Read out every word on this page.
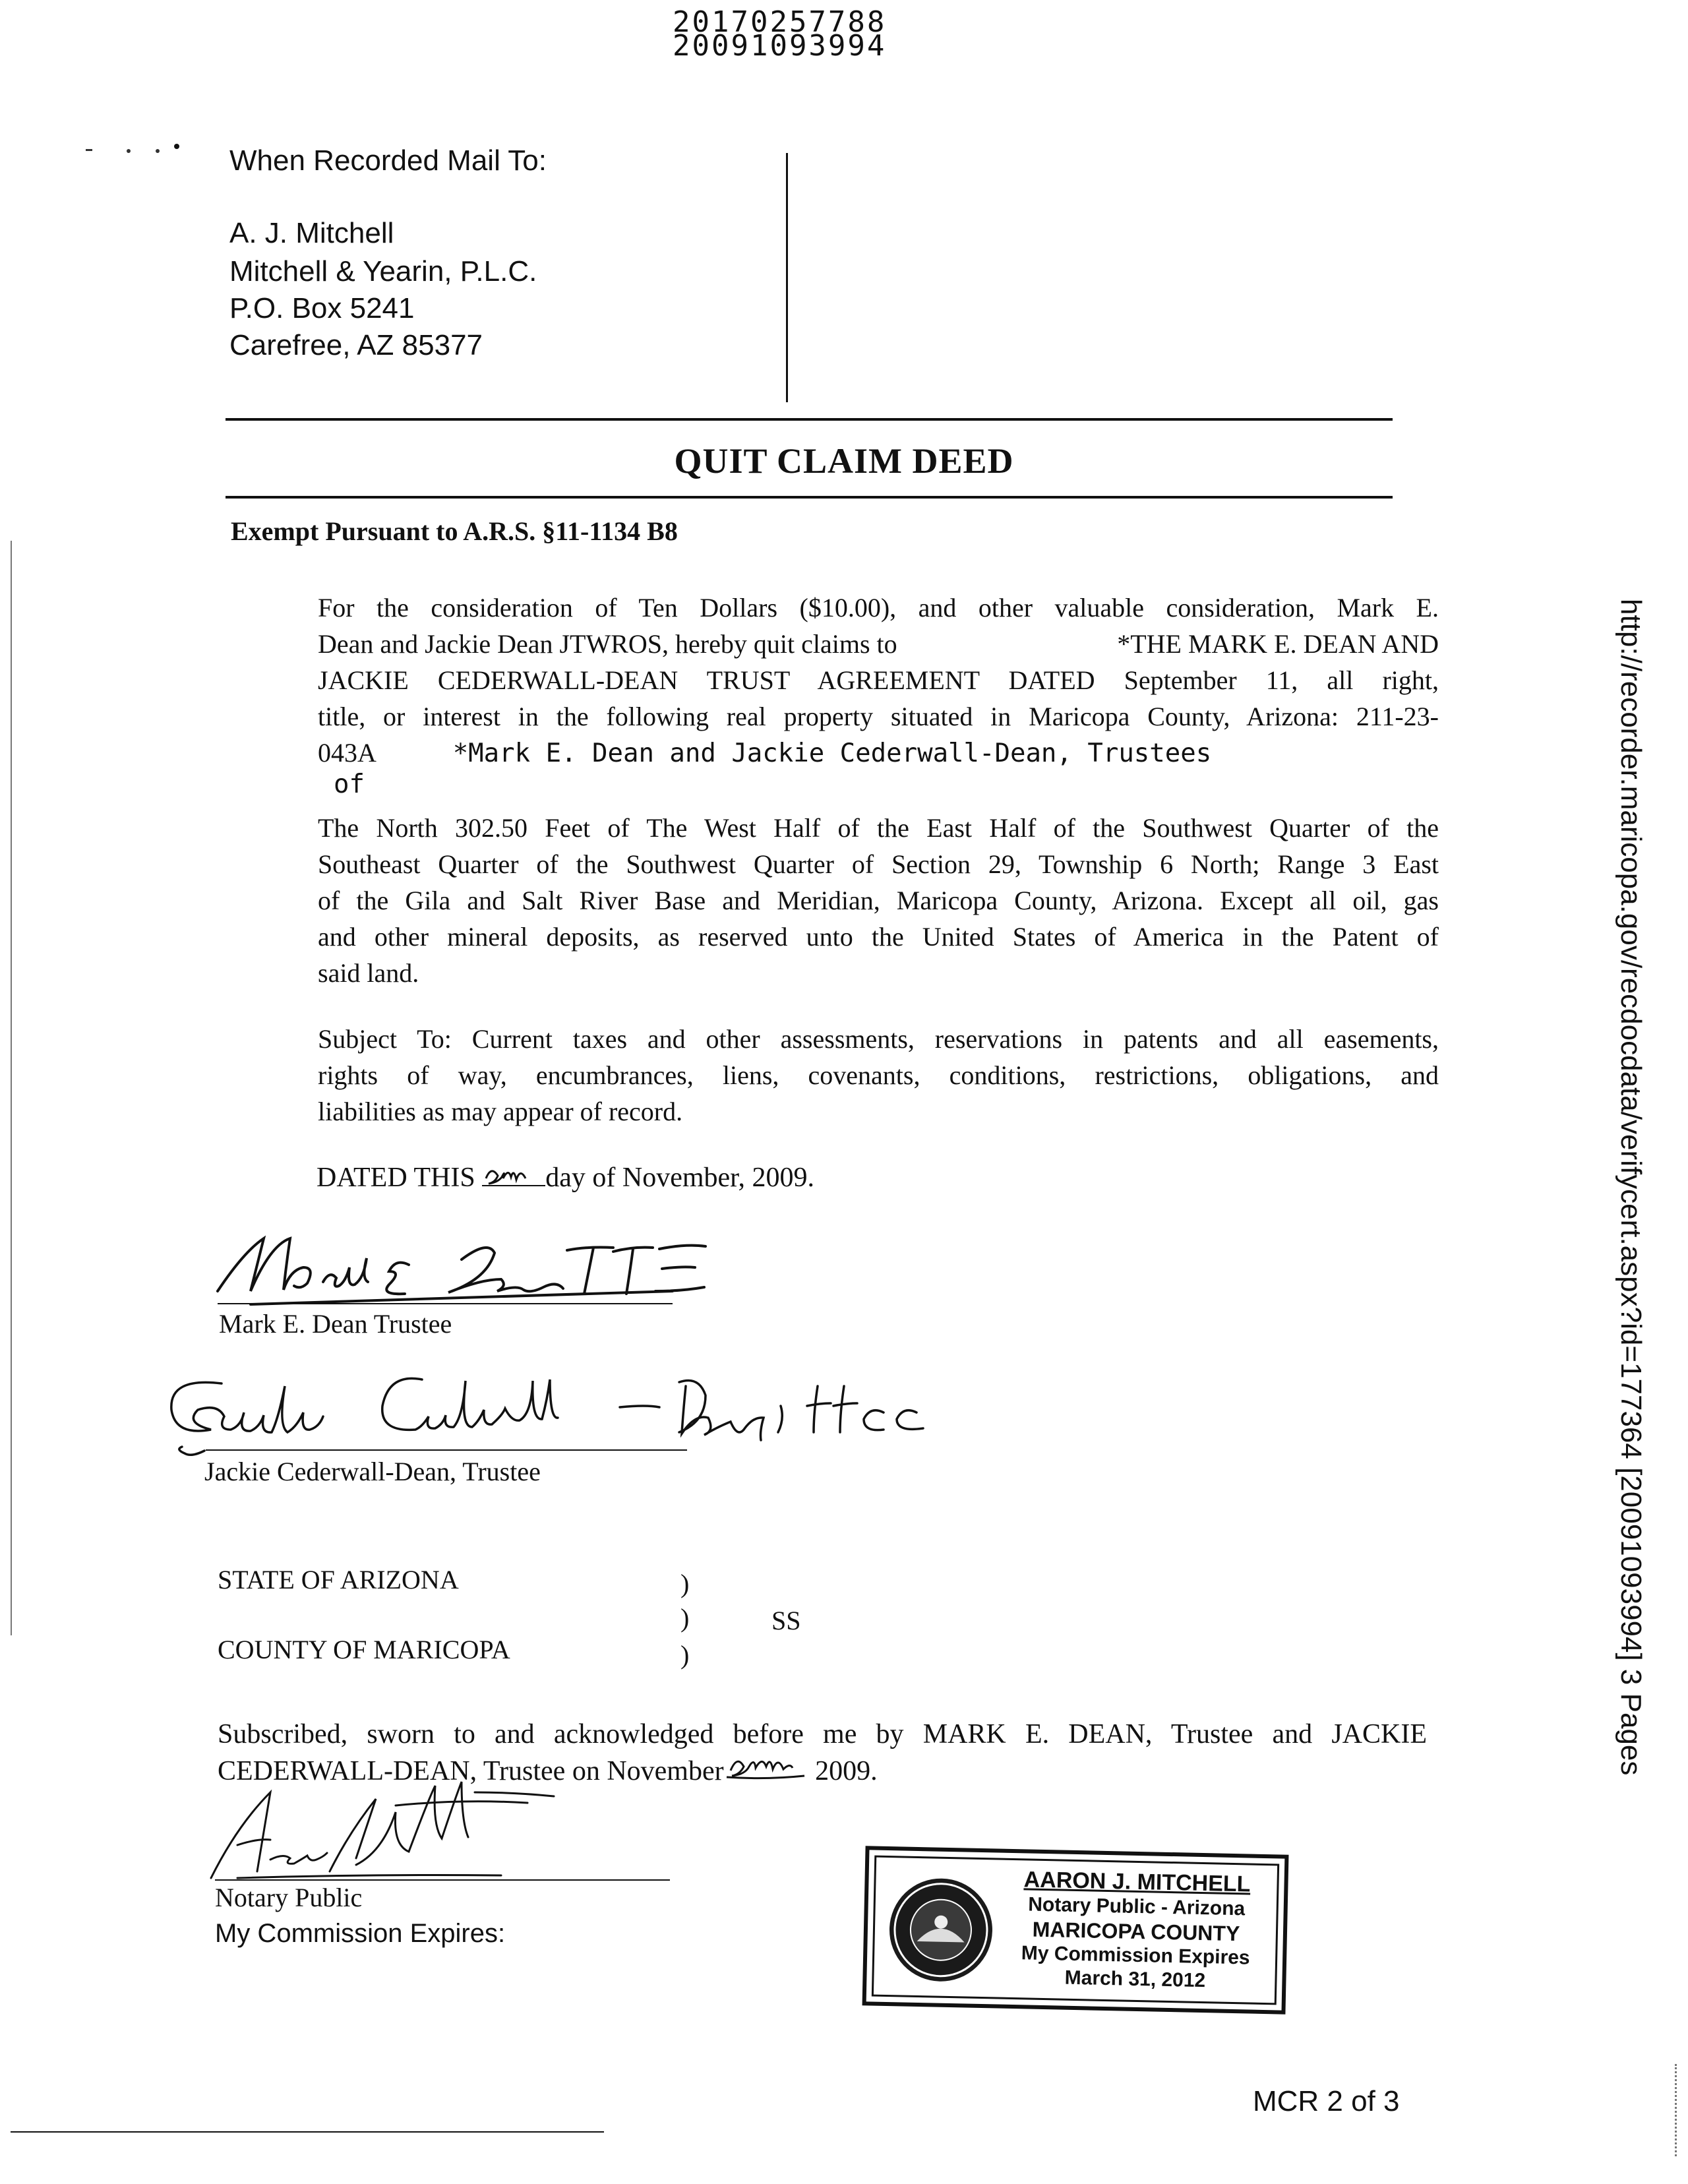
20170257788
20091093994
When Recorded Mail To:
A. J. Mitchell
Mitchell & Yearin, P.L.C.
P.O. Box 5241
Carefree, AZ 85377
QUIT CLAIM DEED
Exempt Pursuant to A.R.S. §11-1134 B8
For the consideration of Ten Dollars ($10.00), and other valuable consideration, Mark E.
Dean and Jackie Dean JTWROS, hereby quit claims to	*THE MARK E. DEAN AND
JACKIE CEDERWALL-DEAN TRUST AGREEMENT DATED September 11, all right,
title, or interest in the following real property situated in Maricopa County, Arizona: 211-23-
043A	*Mark E. Dean and Jackie Cederwall-Dean, Trustees
of
The North 302.50 Feet of The West Half of the East Half of the Southwest Quarter of the
Southeast Quarter of the Southwest Quarter of Section 29, Township 6 North; Range 3 East
of the Gila and Salt River Base and Meridian, Maricopa County, Arizona. Except all oil, gas
and other mineral deposits, as reserved unto the United States of America in the Patent of
said land.
Subject To: Current taxes and other assessments, reservations in patents and all easements,
rights of way, encumbrances, liens, covenants, conditions, restrictions, obligations, and
liabilities as may appear of record.
DATED THIS	day of November, 2009.
Mark E. Dean Trustee
Jackie Cederwall-Dean, Trustee
STATE OF ARIZONA	)
)	SS
COUNTY OF MARICOPA	)
Subscribed, sworn to and acknowledged before me by MARK E. DEAN, Trustee and JACKIE
CEDERWALL-DEAN, Trustee on November	2009.
Notary Public
My Commission Expires:
AARON J. MITCHELL
Notary Public - Arizona
MARICOPA COUNTY
My Commission Expires
March 31, 2012
http://recorder.maricopa.gov/recdocdata/verifycert.aspx?id=177364 [20091093994] 3 Pages
MCR 2 of 3
